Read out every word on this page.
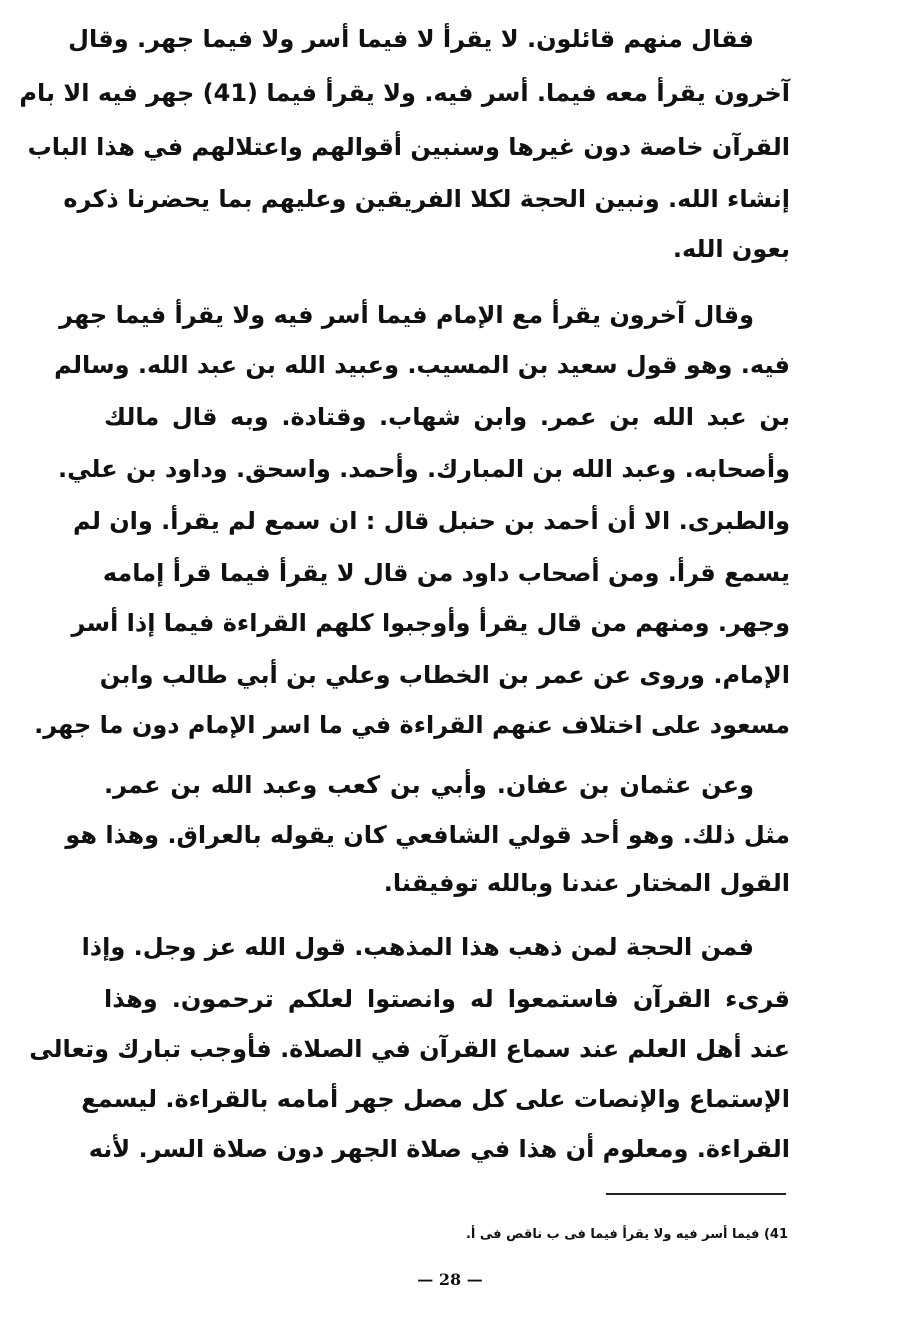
فقال منهم قائلون. لا يقرأ لا فيما أسر ولا فيما جهر. وقال
آخرون يقرأ معه فيما. أسر فيه. ولا يقرأ فيما (41) جهر فيه الا بام
القرآن خاصة دون غيرها وسنبين أقوالهم واعتلالهم في هذا الباب
إنشاء الله. ونبين الحجة لكلا الفريقين وعليهم بما يحضرنا ذكره
بعون الله.
وقال آخرون يقرأ مع الإمام فيما أسر فيه ولا يقرأ فيما جهر
فيه. وهو قول سعيد بن المسيب. وعبيد الله بن عبد الله. وسالم
بن عبد الله بن عمر. وابن شهاب. وقتادة. وبه قال مالك
وأصحابه. وعبد الله بن المبارك. وأحمد. واسحق. وداود بن علي.
والطبرى. الا أن أحمد بن حنبل قال : ان سمع لم يقرأ. وان لم
يسمع قرأ. ومن أصحاب داود من قال لا يقرأ فيما قرأ إمامه
وجهر. ومنهم من قال يقرأ وأوجبوا كلهم القراءة فيما إذا أسر
الإمام. وروى عن عمر بن الخطاب وعلي بن أبي طالب وابن
مسعود على اختلاف عنهم القراءة في ما اسر الإمام دون ما جهر.
وعن عثمان بن عفان. وأبي بن كعب وعبد الله بن عمر.
مثل ذلك. وهو أحد قولي الشافعي كان يقوله بالعراق. وهذا هو
القول المختار عندنا وبالله توفيقنا.
فمن الحجة لمن ذهب هذا المذهب. قول الله عز وجل. وإذا
قرىء القرآن فاستمعوا له وانصتوا لعلكم ترحمون. وهذا
عند أهل العلم عند سماع القرآن في الصلاة. فأوجب تبارك وتعالى
الإستماع والإنصات على كل مصل جهر أمامه بالقراءة. ليسمع
القراءة. ومعلوم أن هذا في صلاة الجهر دون صلاة السر. لأنه
41) فيما أسر فيه ولا يقرأ فيما فى ب ناقص فى أ.
— 28 —
